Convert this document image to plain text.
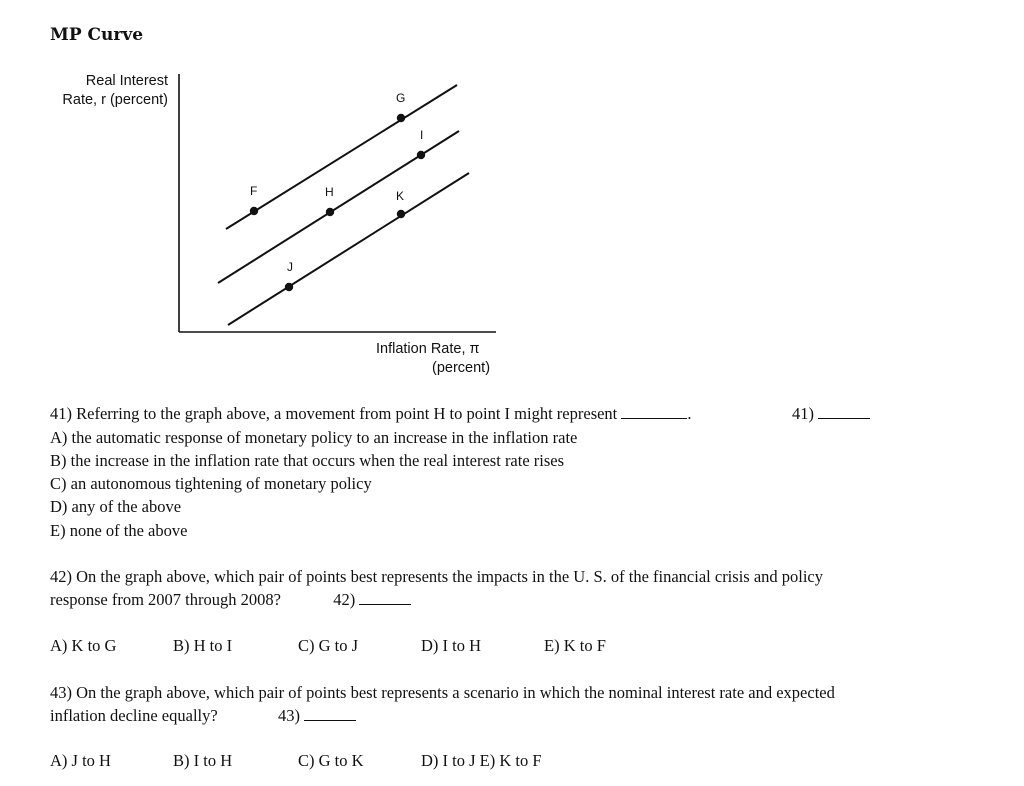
MP Curve
Real Interest
Rate, r (percent)
F
G
H
I
J
K
Inflation Rate, π
(percent)
41) Referring to the graph above, a movement from point H to point I might represent	.	41)
A) the automatic response of monetary policy to an increase in the inflation rate
B) the increase in the inflation rate that occurs when the real interest rate rises
C) an autonomous tightening of monetary policy
D) any of the above
E) none of the above
42) On the graph above, which pair of points best represents the impacts in the U. S. of the financial crisis and policy
response from 2007 through 2008?	42)
A) K to G	B) H to I	C) G to J	D) I to H	E) K to F
43) On the graph above, which pair of points best represents a scenario in which the nominal interest rate and expected
inflation decline equally?	43)
A) J to H	B) I to H	C) G to K	D) I to J E) K to F
